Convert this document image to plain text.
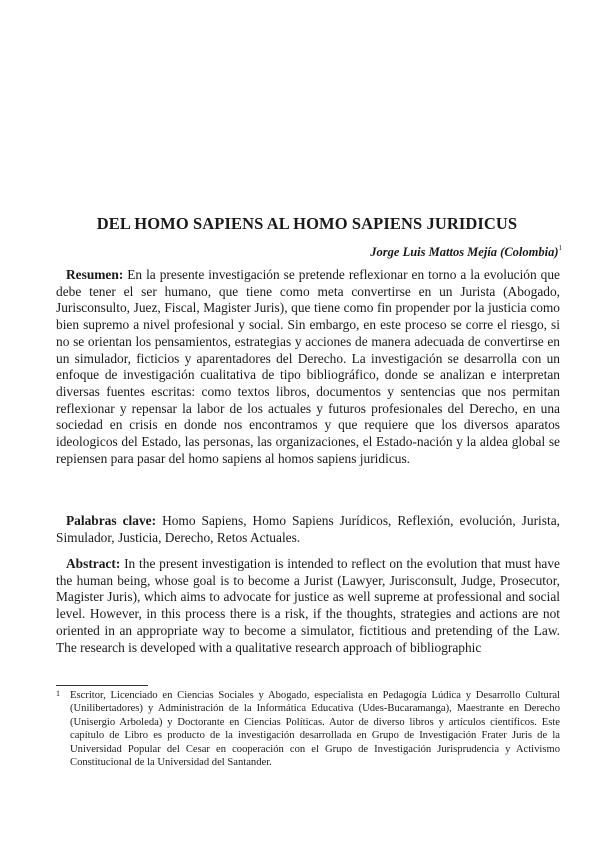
DEL HOMO SAPIENS AL HOMO SAPIENS JURIDICUS
Jorge Luis Mattos Mejía (Colombia)$^1$

Resumen: En la presente investigación se pretende reflexionar en torno a la evolución que debe tener el ser humano, que tiene como meta convertirse en un Jurista (Abogado, Jurisconsulto, Juez, Fiscal, Magister Juris), que tiene como fin propender por la justicia como bien supremo a nivel profesional y social. Sin embargo, en este proceso se corre el riesgo, si no se orientan los pensamientos, estrategias y acciones de manera adecuada de convertirse en un simulador, ficticios y aparentadores del Derecho. La investigación se desarrolla con un enfoque de investigación cualitativa de tipo bibliográfico, donde se analizan e interpretan diversas fuentes escritas: como textos libros, documentos y sentencias que nos permitan reflexionar y repensar la labor de los actuales y futuros profesionales del Derecho, en una sociedad en crisis en donde nos encontramos y que requiere que los diversos aparatos ideologicos del Estado, las personas, las organizaciones, el Estado-nación y la aldea global se repiensen para pasar del homo sapiens al homos sapiens juridicus.

Palabras clave: Homo Sapiens, Homo Sapiens Jurídicos, Reflexión, evolución, Jurista, Simulador, Justicia, Derecho, Retos Actuales.

Abstract: In the present investigation is intended to reflect on the evolution that must have the human being, whose goal is to become a Jurist (Lawyer, Jurisconsult, Judge, Prosecutor, Magister Juris), which aims to advocate for justice as well supreme at professional and social level. However, in this process there is a risk, if the thoughts, strategies and actions are not oriented in an appropriate way to become a simulator, fictitious and pretending of the Law. The research is developed with a qualitative research approach of bibliographic

1 Escritor, Licenciado en Ciencias Sociales y Abogado, especialista en Pedagogía Lúdica y Desarrollo Cultural (Unilibertadores) y Administración de la Informática Educativa (Udes-Bucaramanga), Maestrante en Derecho (Unisergio Arboleda) y Doctorante en Ciencias Políticas. Autor de diverso libros y artículos científicos. Este capítulo de Libro es producto de la investigación desarrollada en Grupo de Investigación Frater Juris de la Universidad Popular del Cesar en cooperación con el Grupo de Investigación Jurisprudencia y Activismo Constitucional de la Universidad del Santander.
